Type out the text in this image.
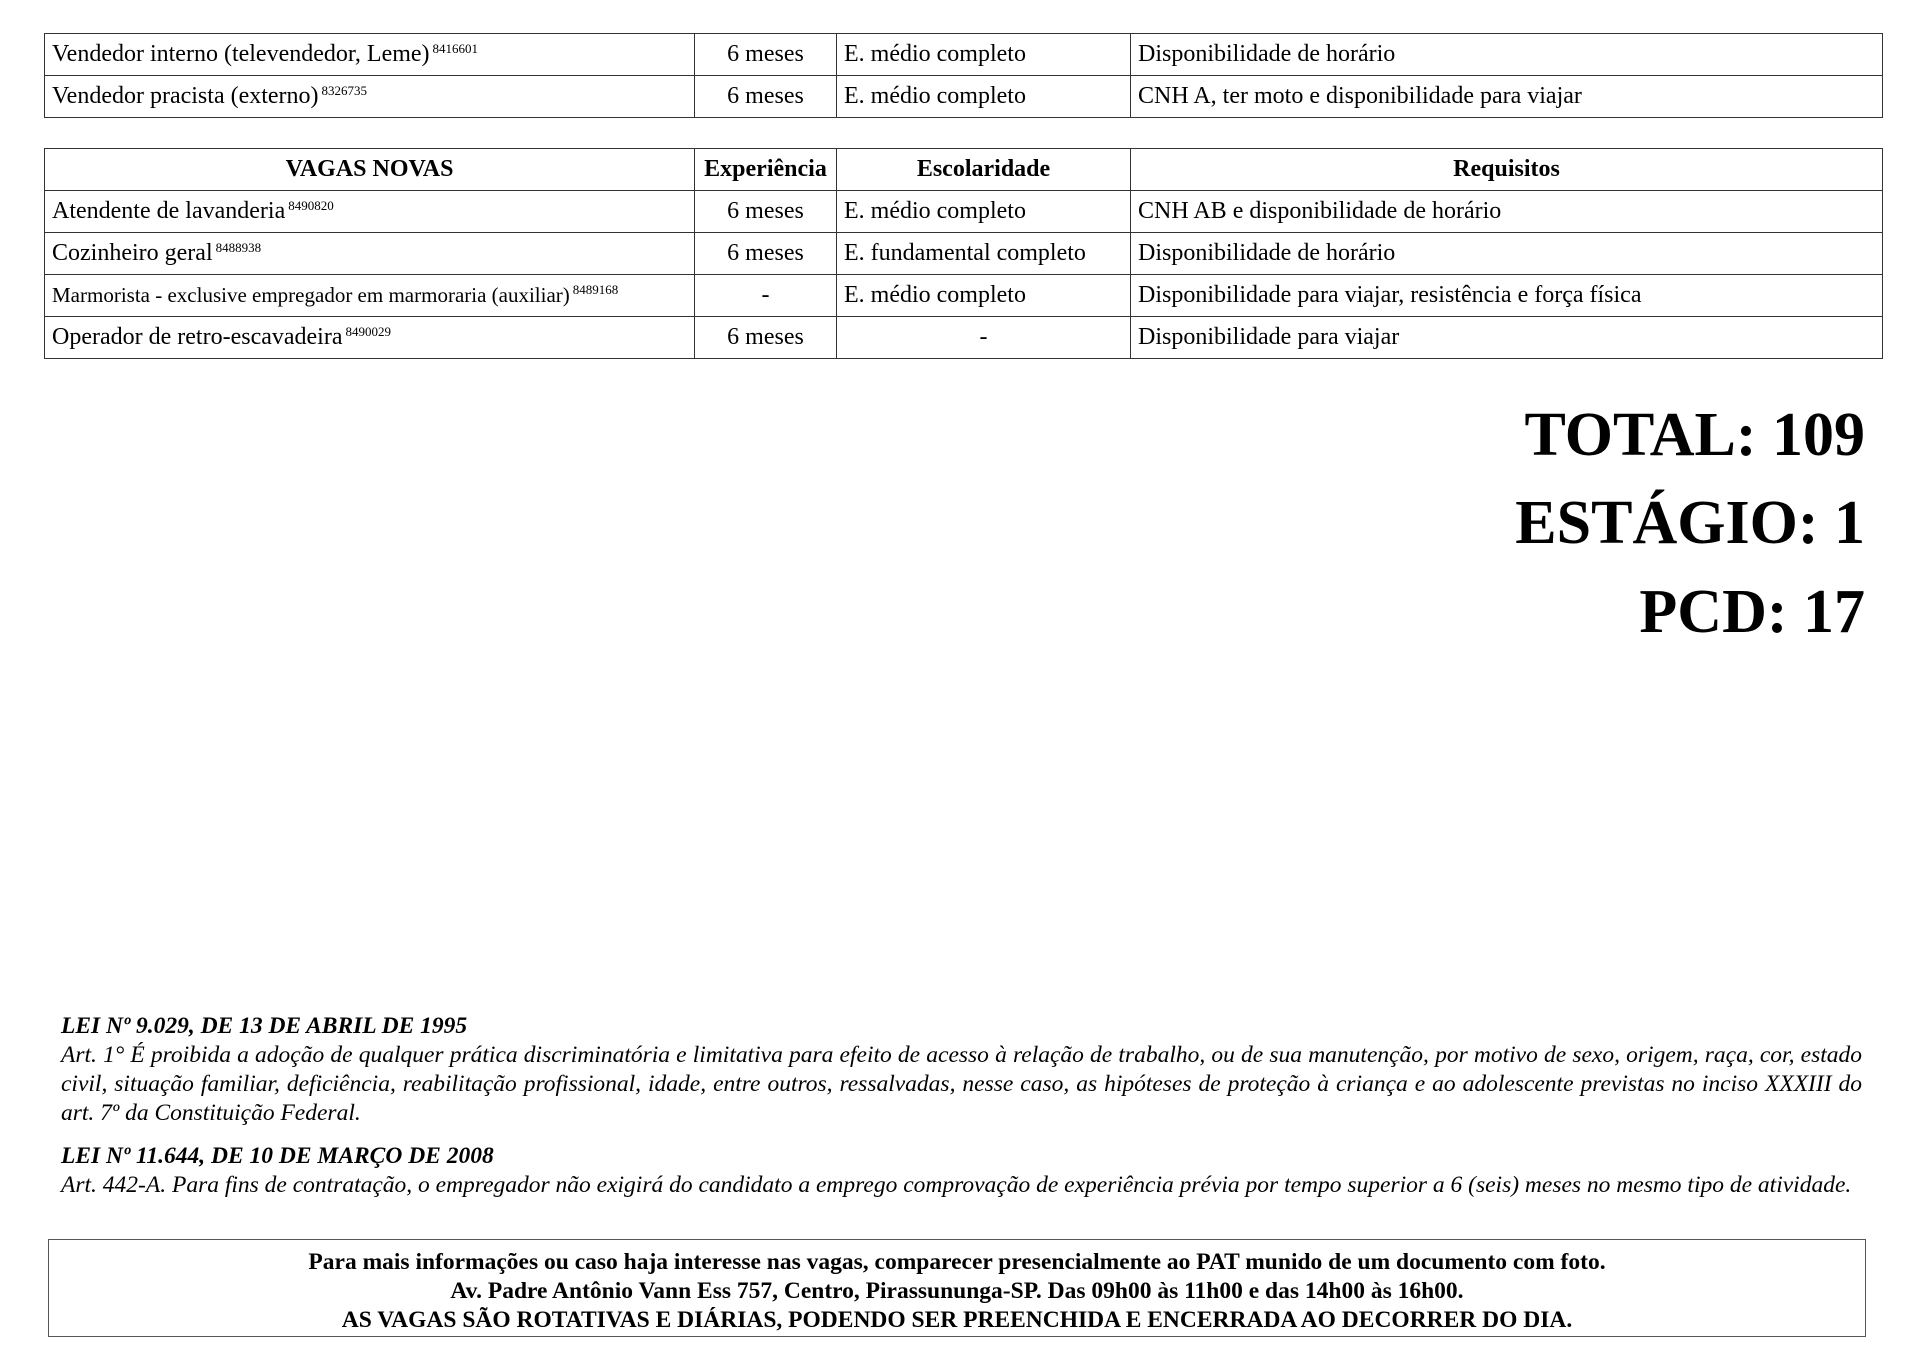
Vendedor interno (televendedor, Leme) $^{8416601}$	6 meses	E. médio completo	Disponibilidade de horário
Vendedor pracista (externo) $^{8326735}$	6 meses	E. médio completo	CNH A, ter moto e disponibilidade para viajar
VAGAS NOVAS	Experiência	Escolaridade	Requisitos
Atendente de lavanderia $^{8490820}$	6 meses	E. médio completo	CNH AB e disponibilidade de horário
Cozinheiro geral $^{8488938}$	6 meses	E. fundamental completo	Disponibilidade de horário
Marmorista - exclusive empregador em marmoraria (auxiliar) $^{8489168}$	-	E. médio completo	Disponibilidade para viajar, resistência e força física
Operador de retro-escavadeira $^{8490029}$	6 meses	-	Disponibilidade para viajar
TOTAL: 109
ESTÁGIO: 1
PCD: 17
LEI Nº 9.029, DE 13 DE ABRIL DE 1995
Art. 1° É proibida a adoção de qualquer prática discriminatória e limitativa para efeito de acesso à relação de trabalho, ou de sua manutenção, por motivo de sexo, origem, raça, cor, estado civil, situação familiar, deficiência, reabilitação profissional, idade, entre outros, ressalvadas, nesse caso, as hipóteses de proteção à criança e ao adolescente previstas no inciso XXXIII do art. 7º da Constituição Federal.
LEI Nº 11.644, DE 10 DE MARÇO DE 2008
Art. 442-A. Para fins de contratação, o empregador não exigirá do candidato a emprego comprovação de experiência prévia por tempo superior a 6 (seis) meses no mesmo tipo de atividade.
Para mais informações ou caso haja interesse nas vagas, comparecer presencialmente ao PAT munido de um documento com foto.
Av. Padre Antônio Vann Ess 757, Centro, Pirassununga-SP. Das 09h00 às 11h00 e das 14h00 às 16h00.
AS VAGAS SÃO ROTATIVAS E DIÁRIAS, PODENDO SER PREENCHIDA E ENCERRADA AO DECORRER DO DIA.
